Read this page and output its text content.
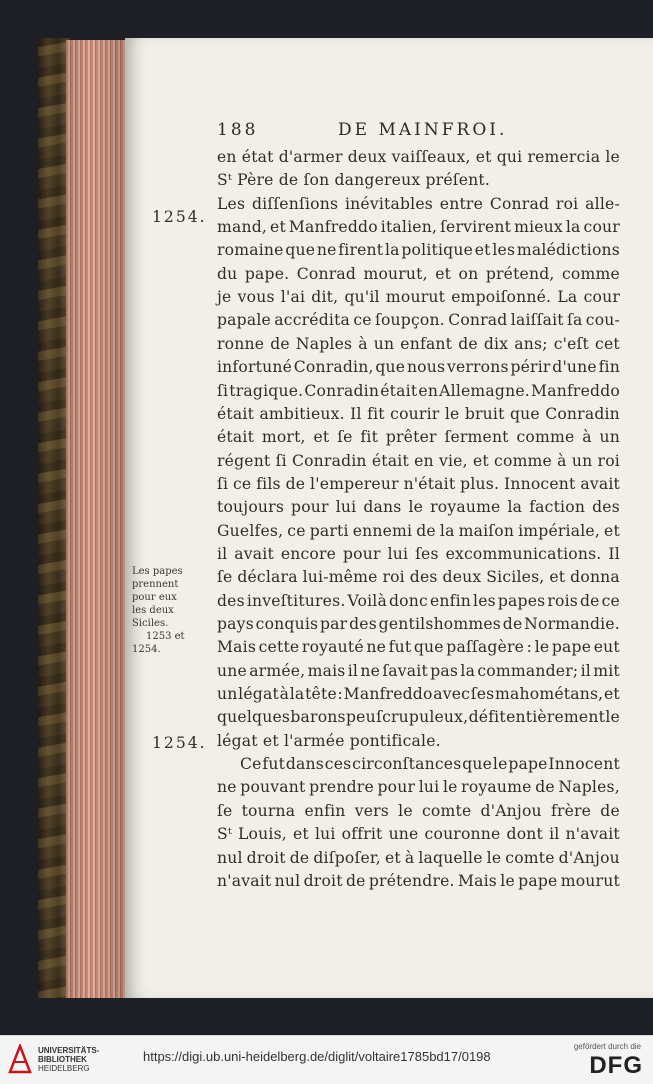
188	DE MAINFROI.
en état d'armer deux vaiſſeaux, et qui remercia le
Sᵗ Père de ſon dangereux préſent.
Les diſſenſions inévitables entre Conrad roi alle-
mand, et Manfreddo italien, ſervirent mieux la cour
romaine que ne firent la politique et les malédictions
du pape. Conrad mourut, et on prétend, comme
je vous l'ai dit, qu'il mourut empoiſonné. La cour
papale accrédita ce ſoupçon. Conrad laiſſait ſa cou-
ronne de Naples à un enfant de dix ans; c'eſt cet
infortuné Conradin, que nous verrons périr d'une fin
ſi tragique. Conradin était en Allemagne. Manfreddo
était ambitieux. Il fit courir le bruit que Conradin
était mort, et ſe fit prêter ſerment comme à un
régent ſi Conradin était en vie, et comme à un roi
ſi ce fils de l'empereur n'était plus. Innocent avait
toujours pour lui dans le royaume la faction des
Guelfes, ce parti ennemi de la maiſon impériale, et
il avait encore pour lui ſes excommunications. Il
ſe déclara lui-même roi des deux Siciles, et donna
des inveſtitures. Voilà donc enfin les papes rois de ce
pays conquis par des gentilshommes de Normandie.
Mais cette royauté ne fut que paſſagère : le pape eut
une armée, mais il ne ſavait pas la commander; il mit
un légat à la tête : Manfreddo avec ſes mahométans, et
quelques barons peu ſcrupuleux, défit entièrement le
légat et l'armée pontificale.
Ce fut dans ces circonſtances que le pape Innocent
ne pouvant prendre pour lui le royaume de Naples,
ſe tourna enfin vers le comte d'Anjou frère de
Sᵗ Louis, et lui offrit une couronne dont il n'avait
nul droit de diſpoſer, et à laquelle le comte d'Anjou
n'avait nul droit de prétendre. Mais le pape mourut
1254.
1254.
Les papes
prennent
pour eux
les deux
Siciles.
1253 et
1254.
UNIVERSITÄTS-
BIBLIOTHEK
HEIDELBERG
https://digi.ub.uni-heidelberg.de/diglit/voltaire1785bd17/0198
gefördert durch die
DFG
